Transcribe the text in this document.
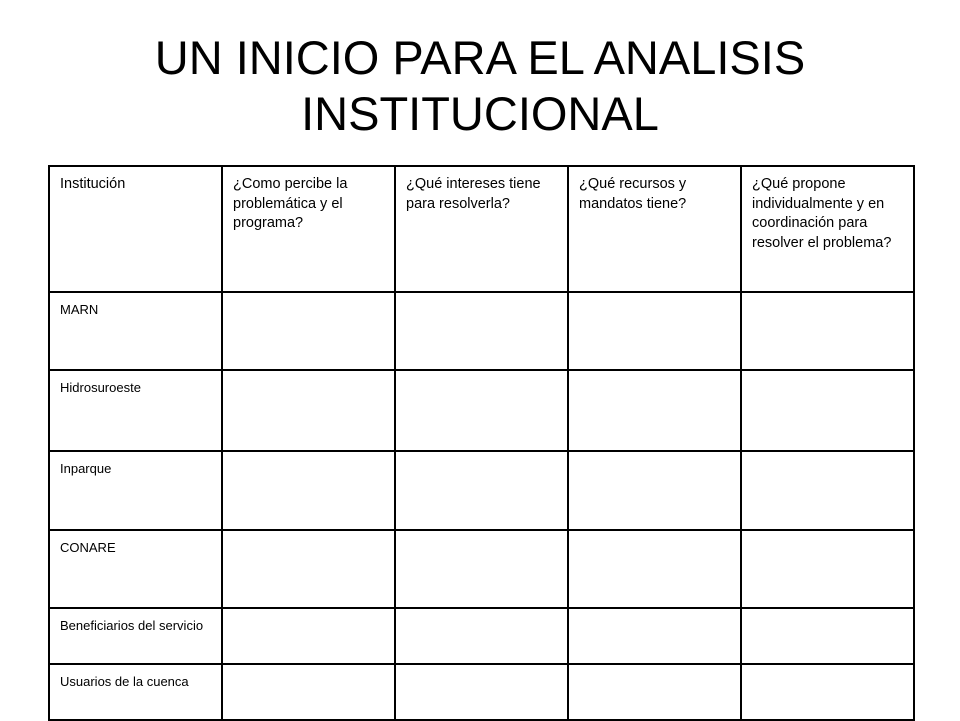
UN INICIO PARA EL ANALISIS
INSTITUCIONAL
Institución	¿Como percibe la problemática y el programa?	¿Qué intereses tiene para resolverla?	¿Qué recursos y mandatos tiene?	¿Qué propone individualmente y en coordinación para resolver el problema?
MARN				
Hidrosuroeste				
Inparque				
CONARE				
Beneficiarios del servicio				
Usuarios de la cuenca				
